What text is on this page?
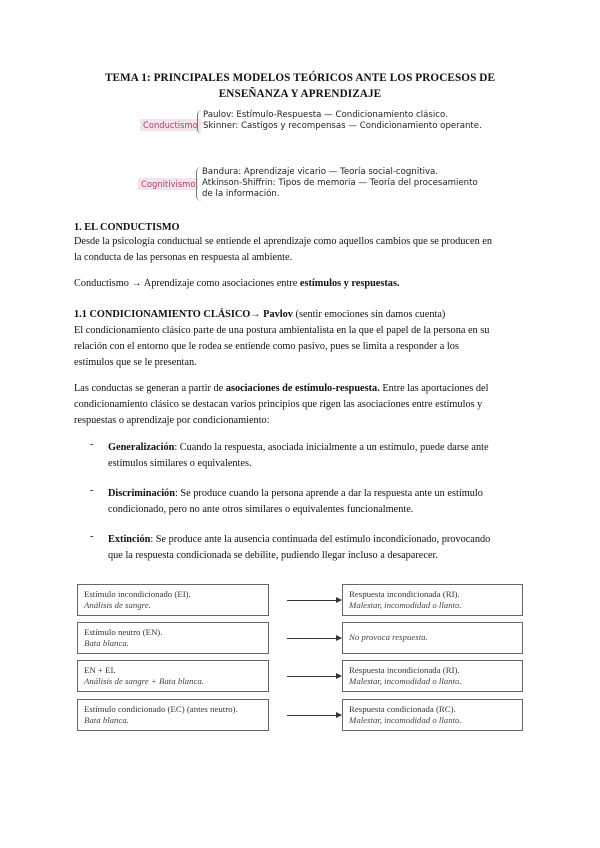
TEMA 1: PRINCIPALES MODELOS TEÓRICOS ANTE LOS PROCESOS DE
ENSEÑANZA Y APRENDIZAJE
Conductismo
Paulov: Estímulo-Respuesta — Condicionamiento clásico.
Skinner: Castigos y recompensas — Condicionamiento operante.
Cognitivismo
Bandura: Aprendizaje vicario — Teoría social-cognitiva.
Atkinson-Shiffrin: Tipos de memoria — Teoría del procesamiento
de la información.
1. EL CONDUCTISMO
Desde la psicología conductual se entiende el aprendizaje como aquellos cambios que se producen en
la conducta de las personas en respuesta al ambiente.
Conductismo → Aprendizaje como asociaciones entre estímulos y respuestas.
1.1 CONDICIONAMIENTO CLÁSICO→ Pavlov (sentir emociones sin damos cuenta)
El condicionamiento clásico parte de una postura ambientalista en la que el papel de la persona en su
relación con el entorno que le rodea se entiende como pasivo, pues se limita a responder a los
estímulos que se le presentan.
Las conductas se generan a partir de asociaciones de estímulo-respuesta. Entre las aportaciones del
condicionamiento clásico se destacan varios principios que rigen las asociaciones entre estímulos y
respuestas o aprendizaje por condicionamiento:
- Generalización: Cuando la respuesta, asociada inicialmente a un estímulo, puede darse ante
estímulos similares o equivalentes.
- Discriminación: Se produce cuando la persona aprende a dar la respuesta ante un estímulo
condicionado, pero no ante otros similares o equivalentes funcionalmente.
- Extinción: Se produce ante la ausencia continuada del estímulo incondicionado, provocando
que la respuesta condicionada se debilite, pudiendo llegar incluso a desaparecer.
Estímulo incondicionado (EI).
Análisis de sangre.
Respuesta incondicionada (RI).
Malestar, incomodidad o llanto.
Estímulo neutro (EN).
Bata blanca.
No provoca respuesta.
EN + EI.
Análisis de sangre + Bata blanca.
Respuesta incondicionada (RI).
Malestar, incomodidad o llanto.
Estímulo condicionado (EC) (antes neutro).
Bata blanca.
Respuesta condicionada (RC).
Malestar, incomodidad o llanto.
